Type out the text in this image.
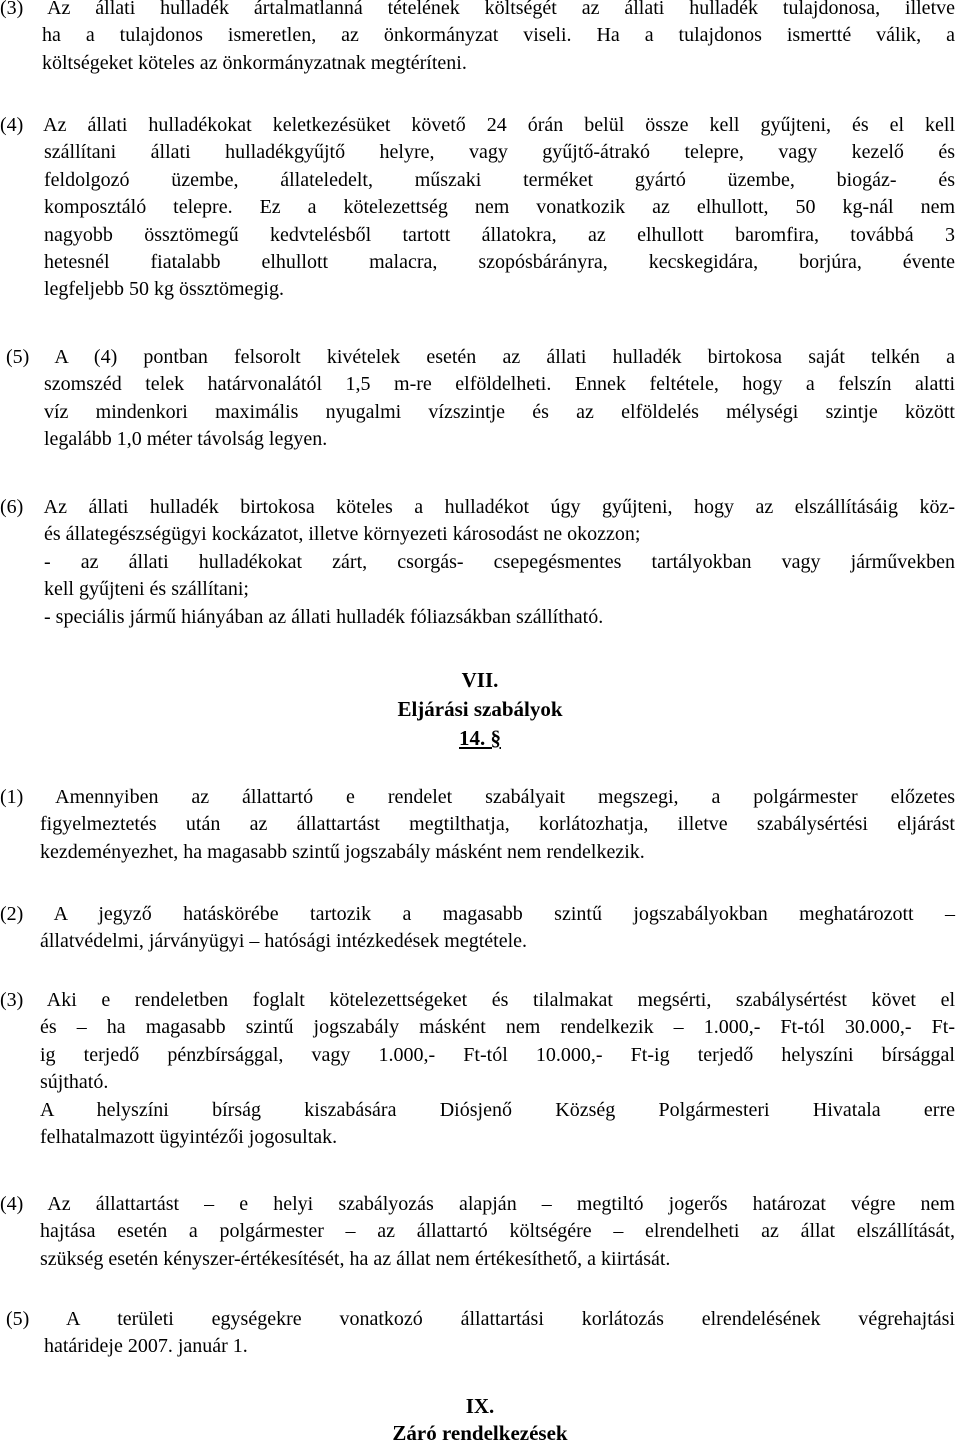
(3) Az állati hulladék ártalmatlanná tételének költségét az állati hulladék tulajdonosa, illetve
ha a tulajdonos ismeretlen, az önkormányzat viseli. Ha a tulajdonos ismertté válik, a
költségeket köteles az önkormányzatnak megtéríteni.
(4) Az állati hulladékokat keletkezésüket követő 24 órán belül össze kell gyűjteni, és el kell
szállítani állati hulladékgyűjtő helyre, vagy gyűjtő-átrakó telepre, vagy kezelő és
feldolgozó üzembe, állateledelt, műszaki terméket gyártó üzembe, biogáz- és
komposztáló telepre. Ez a kötelezettség nem vonatkozik az elhullott, 50 kg-nál nem
nagyobb össztömegű kedvtelésből tartott állatokra, az elhullott baromfira, továbbá 3
hetesnél fiatalabb elhullott malacra, szopósbárányra, kecskegidára, borjúra, évente
legfeljebb 50 kg össztömegig.
(5) A (4) pontban felsorolt kivételek esetén az állati hulladék birtokosa saját telkén a
szomszéd telek határvonalától 1,5 m-re elföldelheti. Ennek feltétele, hogy a felszín alatti
víz mindenkori maximális nyugalmi vízszintje és az elföldelés mélységi szintje között
legalább 1,0 méter távolság legyen.
(6) Az állati hulladék birtokosa köteles a hulladékot úgy gyűjteni, hogy az elszállításáig köz-
és állategészségügyi kockázatot, illetve környezeti károsodást ne okozzon;
- az állati hulladékokat zárt, csorgás- csepegésmentes tartályokban vagy járművekben
kell gyűjteni és szállítani;
- speciális jármű hiányában az állati hulladék fóliazsákban szállítható.
VII.
Eljárási szabályok
14. §
(1) Amennyiben az állattartó e rendelet szabályait megszegi, a polgármester előzetes
figyelmeztetés után az állattartást megtilthatja, korlátozhatja, illetve szabálysértési eljárást
kezdeményezhet, ha magasabb szintű jogszabály másként nem rendelkezik.
(2) A jegyző hatáskörébe tartozik a magasabb szintű jogszabályokban meghatározott –
állatvédelmi, járványügyi – hatósági intézkedések megtétele.
(3) Aki e rendeletben foglalt kötelezettségeket és tilalmakat megsérti, szabálysértést követ el
és – ha magasabb szintű jogszabály másként nem rendelkezik – 1.000,- Ft-tól 30.000,- Ft-
ig terjedő pénzbírsággal, vagy 1.000,- Ft-tól 10.000,- Ft-ig terjedő helyszíni bírsággal
sújtható.
A helyszíni bírság kiszabására Diósjenő Község Polgármesteri Hivatala erre
felhatalmazott ügyintézői jogosultak.
(4) Az állattartást – e helyi szabályozás alapján – megtiltó jogerős határozat végre nem
hajtása esetén a polgármester – az állattartó költségére – elrendelheti az állat elszállítását,
szükség esetén kényszer-értékesítését, ha az állat nem értékesíthető, a kiirtását.
(5) A területi egységekre vonatkozó állattartási korlátozás elrendelésének végrehajtási
határideje 2007. január 1.
IX.
Záró rendelkezések
